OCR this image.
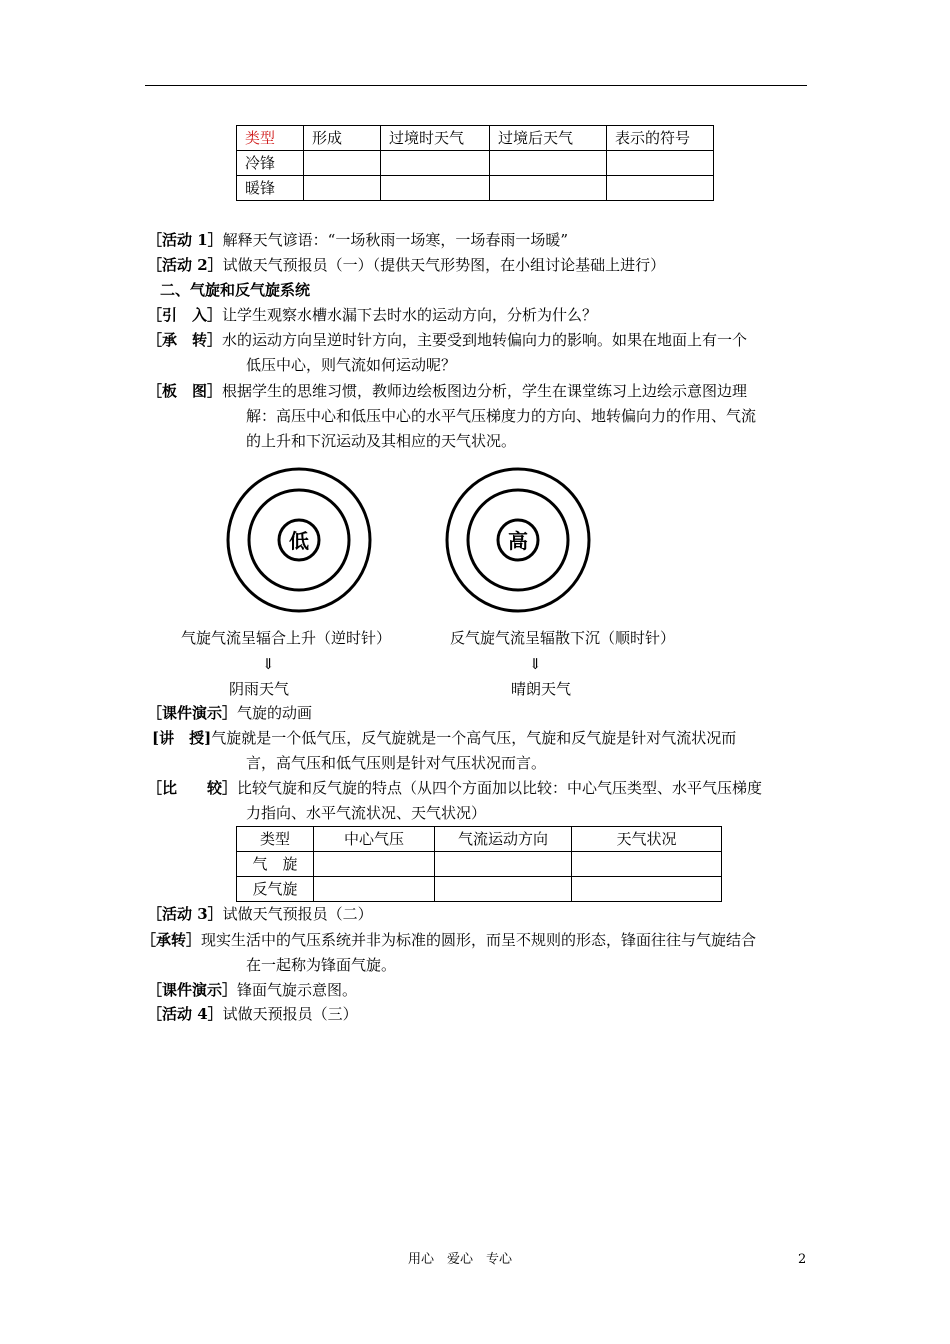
类型	形成	过境时天气	过境后天气	表示的符号
冷锋				
暖锋				
［活动 1］解释天气谚语：“一场秋雨一场寒，一场春雨一场暖”
［活动 2］试做天气预报员（一）（提供天气形势图，在小组讨论基础上进行）
二、气旋和反气旋系统
［引　入］让学生观察水槽水漏下去时水的运动方向，分析为什么？
［承　转］水的运动方向呈逆时针方向，主要受到地转偏向力的影响。如果在地面上有一个
低压中心，则气流如何运动呢？
［板　图］根据学生的思维习惯，教师边绘板图边分析，学生在课堂练习上边绘示意图边理
解：高压中心和低压中心的水平气压梯度力的方向、地转偏向力的作用、气流
的上升和下沉运动及其相应的天气状况。
低	高
气旋气流呈辐合上升（逆时针）	反气旋气流呈辐散下沉（顺时针）
⇓	⇓
阴雨天气	晴朗天气
［课件演示］气旋的动画
[讲　授]气旋就是一个低气压，反气旋就是一个高气压，气旋和反气旋是针对气流状况而
言，高气压和低气压则是针对气压状况而言。
［比　　较］比较气旋和反气旋的特点（从四个方面加以比较：中心气压类型、水平气压梯度
力指向、水平气流状况、天气状况）
类型	中心气压	气流运动方向	天气状况
气　旋			
反气旋			
［活动 3］试做天气预报员（二）
［承转］现实生活中的气压系统并非为标准的圆形，而呈不规则的形态，锋面往往与气旋结合
在一起称为锋面气旋。
［课件演示］锋面气旋示意图。
［活动 4］试做天预报员（三）
用心　爱心　专心	2
